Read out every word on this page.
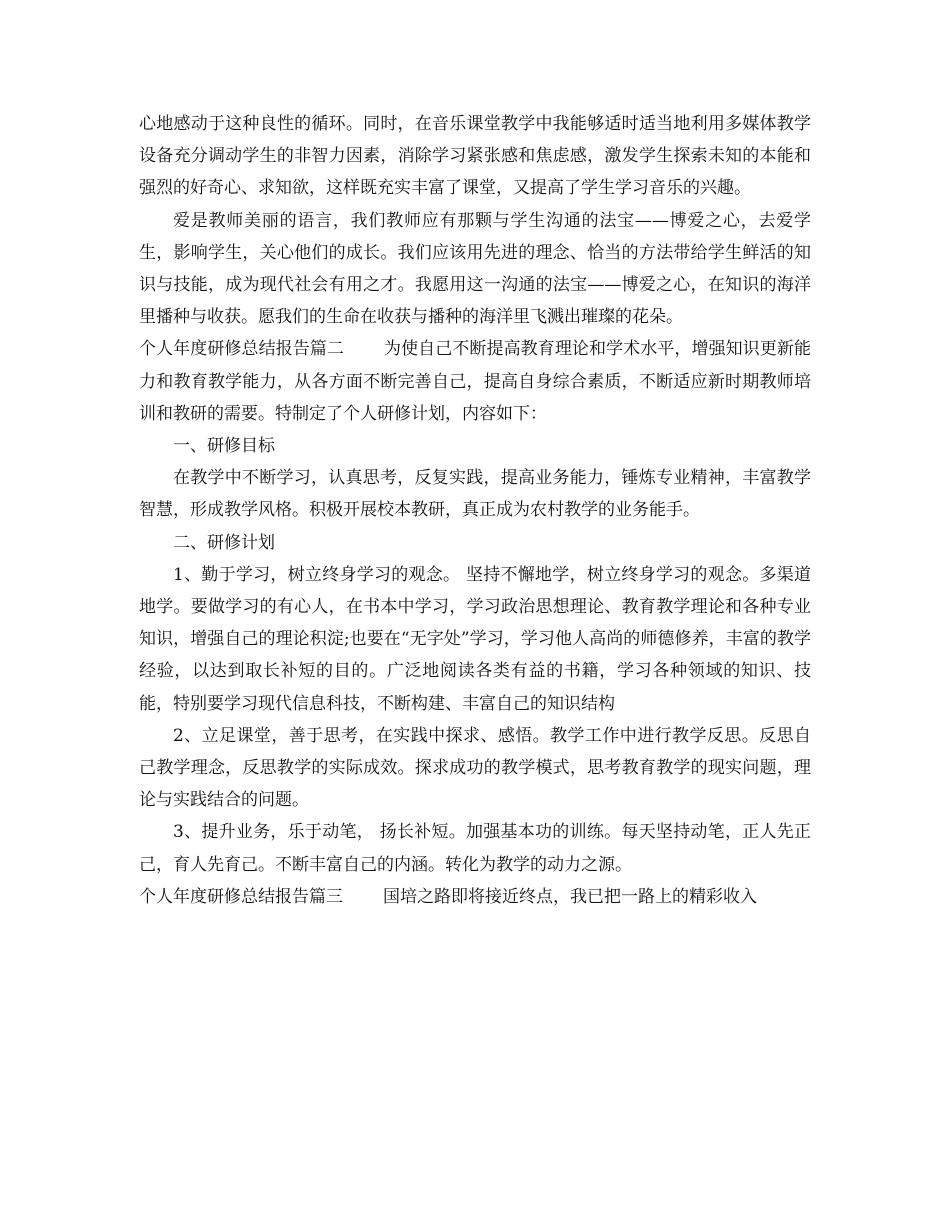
心地感动于这种良性的循环。同时，在音乐课堂教学中我能够适时适当地利用多媒体教学设备充分调动学生的非智力因素，消除学习紧张感和焦虑感，激发学生探索未知的本能和强烈的好奇心、求知欲，这样既充实丰富了课堂，又提高了学生学习音乐的兴趣。

爱是教师美丽的语言，我们教师应有那颗与学生沟通的法宝——博爱之心，去爱学生，影响学生，关心他们的成长。我们应该用先进的理念、恰当的方法带给学生鲜活的知识与技能，成为现代社会有用之才。我愿用这一沟通的法宝——博爱之心，在知识的海洋里播种与收获。愿我们的生命在收获与播种的海洋里飞溅出璀璨的花朵。

个人年度研修总结报告篇二 为使自己不断提高教育理论和学术水平，增强知识更新能力和教育教学能力，从各方面不断完善自己，提高自身综合素质，不断适应新时期教师培训和教研的需要。特制定了个人研修计划，内容如下：

一、研修目标

在教学中不断学习，认真思考，反复实践，提高业务能力，锤炼专业精神，丰富教学智慧，形成教学风格。积极开展校本教研，真正成为农村教学的业务能手。

二、研修计划

1、勤于学习，树立终身学习的观念。 坚持不懈地学，树立终身学习的观念。多渠道地学。要做学习的有心人，在书本中学习，学习政治思想理论、教育教学理论和各种专业知识，增强自己的理论积淀;也要在“无字处”学习，学习他人高尚的师德修养，丰富的教学经验，以达到取长补短的目的。广泛地阅读各类有益的书籍，学习各种领域的知识、技能，特别要学习现代信息科技，不断构建、丰富自己的知识结构

2、立足课堂，善于思考，在实践中探求、感悟。教学工作中进行教学反思。反思自己教学理念，反思教学的实际成效。探求成功的教学模式，思考教育教学的现实问题，理论与实践结合的问题。

3、提升业务，乐于动笔， 扬长补短。加强基本功的训练。每天坚持动笔，正人先正己，育人先育己。不断丰富自己的内涵。转化为教学的动力之源。

个人年度研修总结报告篇三 国培之路即将接近终点，我已把一路上的精彩收入
